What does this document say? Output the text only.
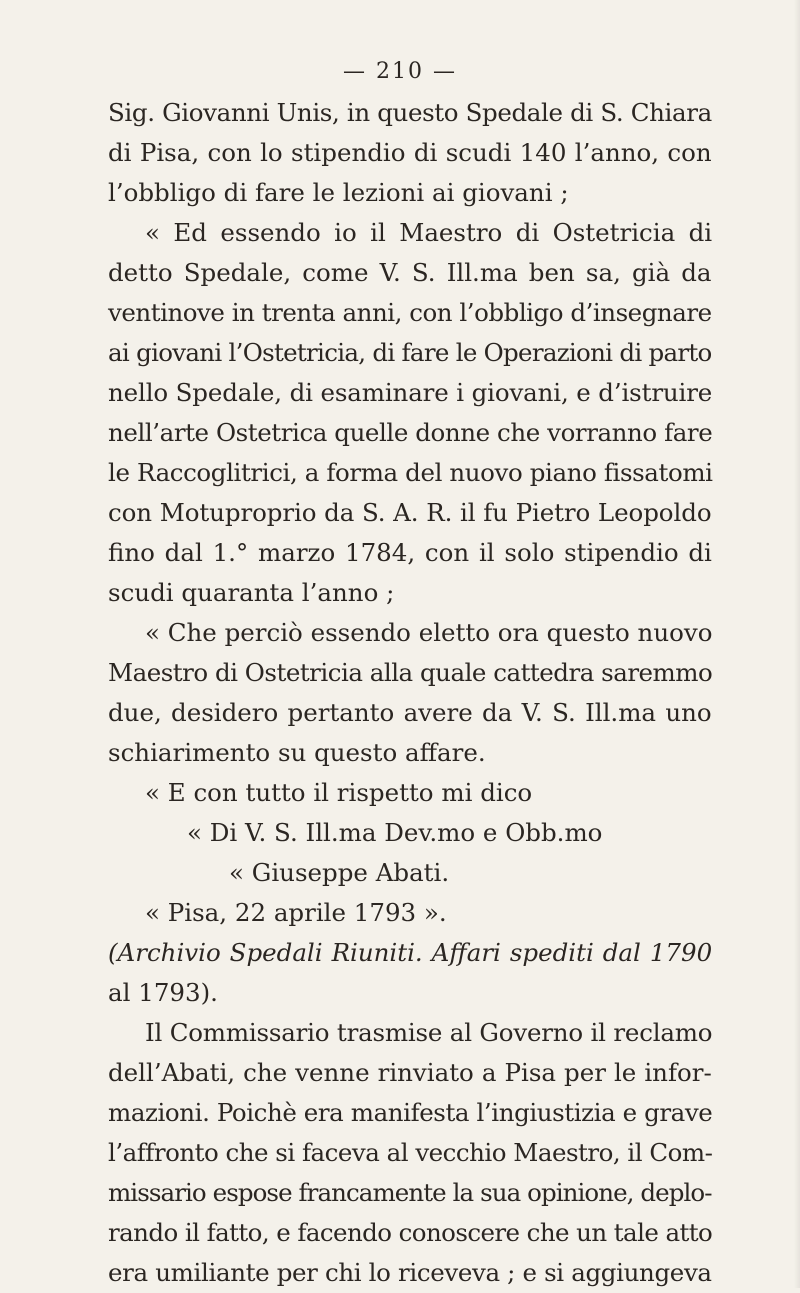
— 210 —
Sig. Giovanni Unis, in questo Spedale di S. Chiara
di Pisa, con lo stipendio di scudi 140 l’anno, con
l’obbligo di fare le lezioni ai giovani ;
« Ed essendo io il Maestro di Ostetricia di
detto Spedale, come V. S. Ill.ma ben sa, già da
ventinove in trenta anni, con l’obbligo d’insegnare
ai giovani l’Ostetricia, di fare le Operazioni di parto
nello Spedale, di esaminare i giovani, e d’istruire
nell’arte Ostetrica quelle donne che vorranno fare
le Raccoglitrici, a forma del nuovo piano fissatomi
con Motuproprio da S. A. R. il fu Pietro Leopoldo
fino dal 1.° marzo 1784, con il solo stipendio di
scudi quaranta l’anno ;
« Che perciò essendo eletto ora questo nuovo
Maestro di Ostetricia alla quale cattedra saremmo
due, desidero pertanto avere da V. S. Ill.ma uno
schiarimento su questo affare.
« E con tutto il rispetto mi dico
« Di V. S. Ill.ma Dev.mo e Obb.mo
« Giuseppe Abati.
« Pisa, 22 aprile 1793 ».
(Archivio Spedali Riuniti. Affari spediti dal 1790
al 1793).
Il Commissario trasmise al Governo il reclamo
dell’Abati, che venne rinviato a Pisa per le infor-
mazioni. Poichè era manifesta l’ingiustizia e grave
l’affronto che si faceva al vecchio Maestro, il Com-
missario espose francamente la sua opinione, deplo-
rando il fatto, e facendo conoscere che un tale atto
era umiliante per chi lo riceveva ; e si aggiungeva
